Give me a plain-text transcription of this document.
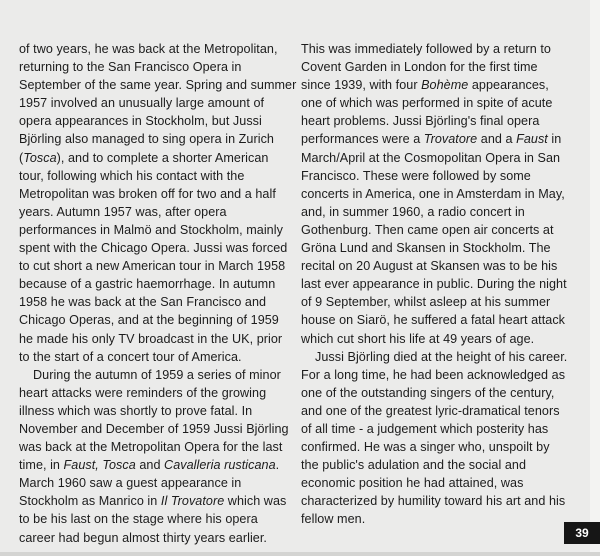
of two years, he was back at the Metropolitan,
returning to the San Francisco Opera in
September of the same year. Spring and summer
1957 involved an unusually large amount of
opera appearances in Stockholm, but Jussi
Björling also managed to sing opera in Zurich
(Tosca), and to complete a shorter American
tour, following which his contact with the
Metropolitan was broken off for two and a half
years. Autumn 1957 was, after opera
performances in Malmö and Stockholm, mainly
spent with the Chicago Opera. Jussi was forced
to cut short a new American tour in March 1958
because of a gastric haemorrhage. In autumn
1958 he was back at the San Francisco and
Chicago Operas, and at the beginning of 1959
he made his only TV broadcast in the UK, prior
to the start of a concert tour of America.
During the autumn of 1959 a series of minor
heart attacks were reminders of the growing
illness which was shortly to prove fatal. In
November and December of 1959 Jussi Björling
was back at the Metropolitan Opera for the last
time, in Faust, Tosca and Cavalleria rusticana.
March 1960 saw a guest appearance in
Stockholm as Manrico in Il Trovatore which was
to be his last on the stage where his opera
career had begun almost thirty years earlier.
This was immediately followed by a return to
Covent Garden in London for the first time
since 1939, with four Bohème appearances,
one of which was performed in spite of acute
heart problems. Jussi Björling's final opera
performances were a Trovatore and a Faust in
March/April at the Cosmopolitan Opera in San
Francisco. These were followed by some
concerts in America, one in Amsterdam in May,
and, in summer 1960, a radio concert in
Gothenburg. Then came open air concerts at
Gröna Lund and Skansen in Stockholm. The
recital on 20 August at Skansen was to be his
last ever appearance in public. During the night
of 9 September, whilst asleep at his summer
house on Siarö, he suffered a fatal heart attack
which cut short his life at 49 years of age.
Jussi Björling died at the height of his career.
For a long time, he had been acknowledged as
one of the outstanding singers of the century,
and one of the greatest lyric-dramatical tenors
of all time - a judgement which posterity has
confirmed. He was a singer who, unspoilt by
the public's adulation and the social and
economic position he had attained, was
characterized by humility toward his art and his
fellow men.
39
